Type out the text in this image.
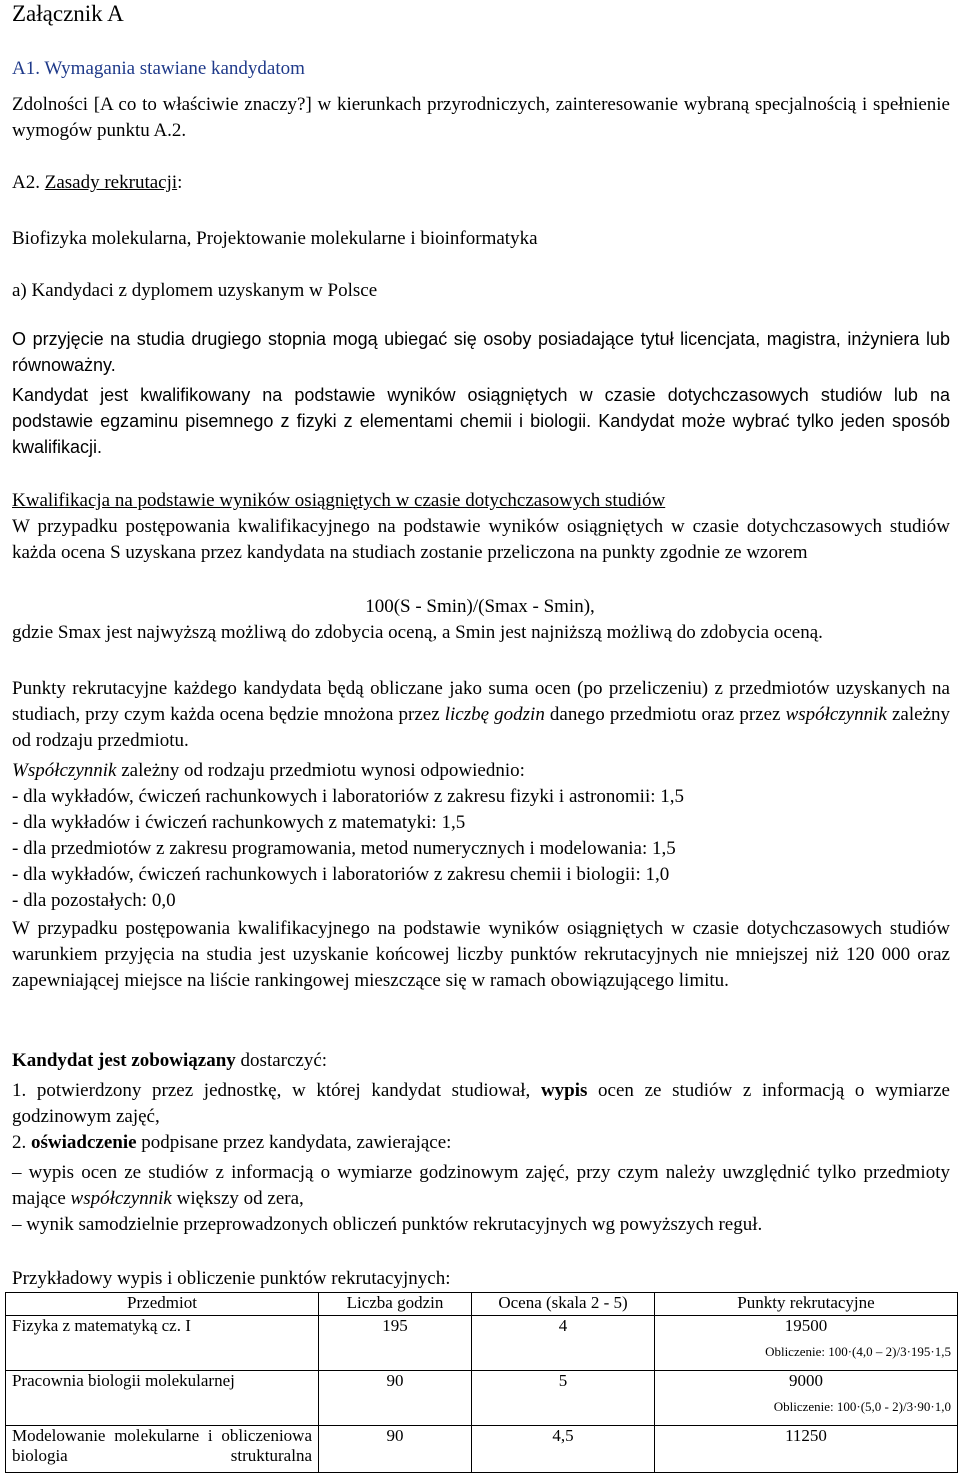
Załącznik A
A1. Wymagania stawiane kandydatom
Zdolności [A co to właściwie znaczy?] w kierunkach przyrodniczych, zainteresowanie wybraną specjalnością i spełnienie wymogów punktu A.2.
A2. Zasady rekrutacji:
Biofizyka molekularna, Projektowanie molekularne i bioinformatyka
a) Kandydaci z dyplomem uzyskanym w Polsce
O przyjęcie na studia drugiego stopnia mogą ubiegać się osoby posiadające tytuł licencjata, magistra, inżyniera lub równoważny.
Kandydat jest kwalifikowany na podstawie wyników osiągniętych w czasie dotychczasowych studiów lub na podstawie egzaminu pisemnego z fizyki z elementami chemii i biologii. Kandydat może wybrać tylko jeden sposób kwalifikacji.
Kwalifikacja na podstawie wyników osiągniętych w czasie dotychczasowych studiów
W przypadku postępowania kwalifikacyjnego na podstawie wyników osiągniętych w czasie dotychczasowych studiów każda ocena S uzyskana przez kandydata na studiach zostanie przeliczona na punkty zgodnie ze wzorem
100(S - Smin)/(Smax - Smin),
gdzie Smax jest najwyższą możliwą do zdobycia oceną, a Smin jest najniższą możliwą do zdobycia oceną.
Punkty rekrutacyjne każdego kandydata będą obliczane jako suma ocen (po przeliczeniu) z przedmiotów uzyskanych na studiach, przy czym każda ocena będzie mnożona przez liczbę godzin danego przedmiotu oraz przez współczynnik zależny od rodzaju przedmiotu.
Współczynnik zależny od rodzaju przedmiotu wynosi odpowiednio:
- dla wykładów, ćwiczeń rachunkowych i laboratoriów z zakresu fizyki i astronomii: 1,5
- dla wykładów i ćwiczeń rachunkowych z matematyki: 1,5
- dla przedmiotów z zakresu programowania, metod numerycznych i modelowania: 1,5
- dla wykładów, ćwiczeń rachunkowych i laboratoriów z zakresu chemii i biologii: 1,0
- dla pozostałych: 0,0
W przypadku postępowania kwalifikacyjnego na podstawie wyników osiągniętych w czasie dotychczasowych studiów warunkiem przyjęcia na studia jest uzyskanie końcowej liczby punktów rekrutacyjnych nie mniejszej niż 120 000 oraz zapewniającej miejsce na liście rankingowej mieszczące się w ramach obowiązującego limitu.
Kandydat jest zobowiązany dostarczyć:
1. potwierdzony przez jednostkę, w której kandydat studiował, wypis ocen ze studiów z informacją o wymiarze godzinowym zajęć,
2. oświadczenie podpisane przez kandydata, zawierające:
– wypis ocen ze studiów z informacją o wymiarze godzinowym zajęć, przy czym należy uwzględnić tylko przedmioty mające współczynnik większy od zera,
– wynik samodzielnie przeprowadzonych obliczeń punktów rekrutacyjnych wg powyższych reguł.
Przykładowy wypis i obliczenie punktów rekrutacyjnych:
Przedmiot	Liczba godzin	Ocena (skala 2 - 5)	Punkty rekrutacyjne
Fizyka z matematyką cz. I	195	4	19500
Obliczenie: 100·(4,0 – 2)/3·195·1,5

Pracownia biologii molekularnej	90	5	9000
Obliczenie: 100·(5,0 - 2)/3·90·1,0

Modelowanie molekularne i obliczeniowa biologia strukturalna	90	4,5	11250
